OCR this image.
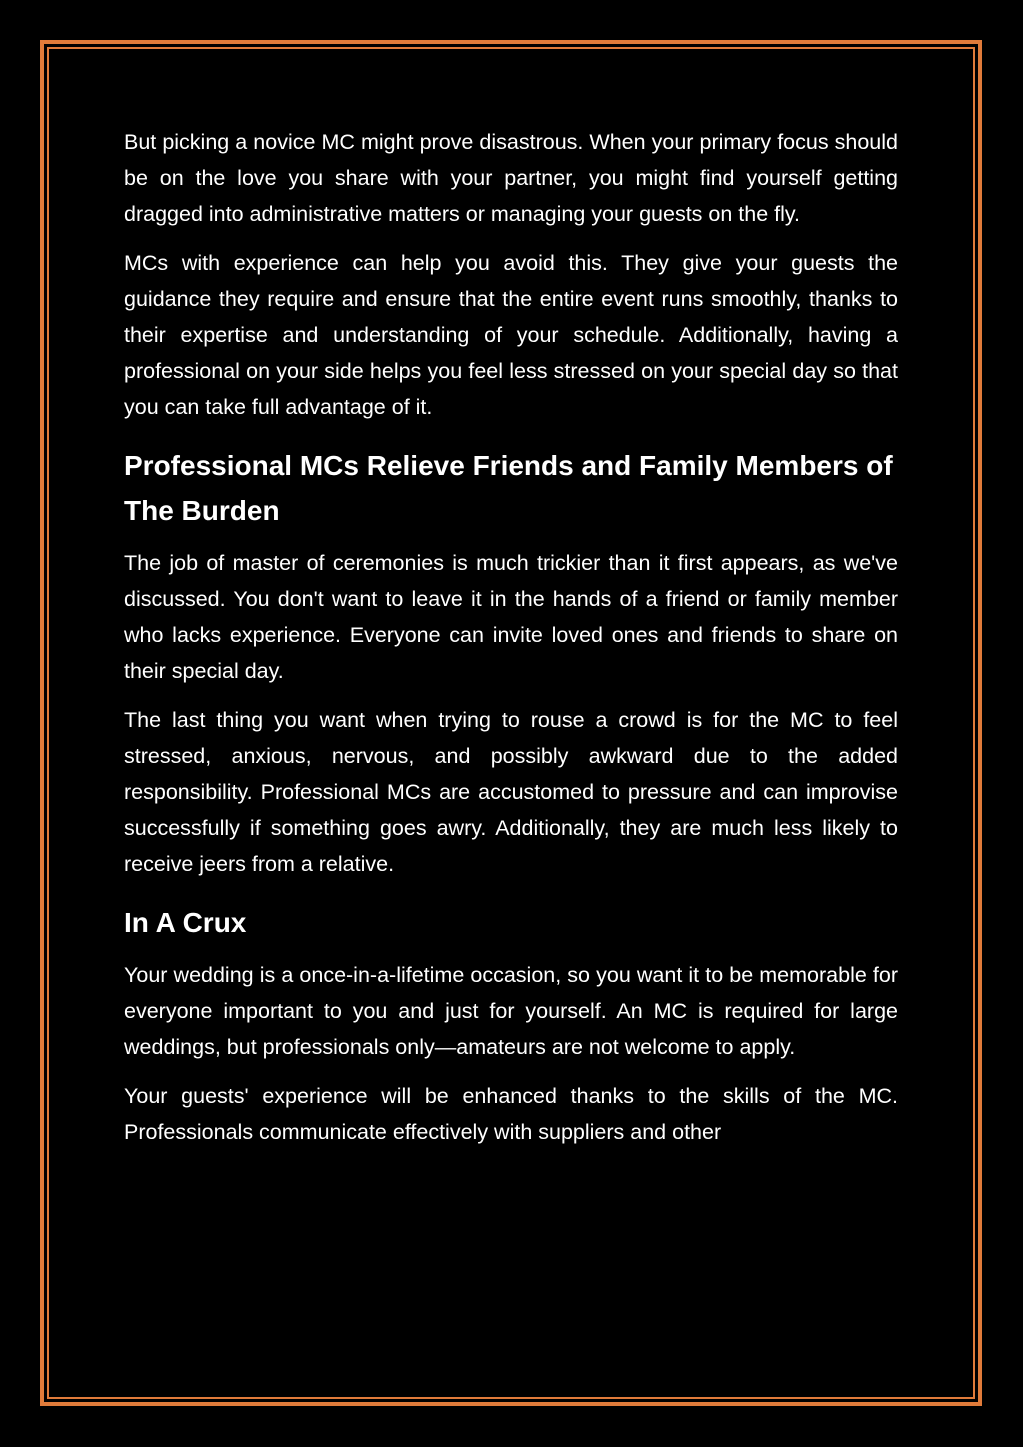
But picking a novice MC might prove disastrous. When your primary focus should be on the love you share with your partner, you might find yourself getting dragged into administrative matters or managing your guests on the fly.

MCs with experience can help you avoid this. They give your guests the guidance they require and ensure that the entire event runs smoothly, thanks to their expertise and understanding of your schedule. Additionally, having a professional on your side helps you feel less stressed on your special day so that you can take full advantage of it.

Professional MCs Relieve Friends and Family Members of The Burden

The job of master of ceremonies is much trickier than it first appears, as we've discussed. You don't want to leave it in the hands of a friend or family member who lacks experience. Everyone can invite loved ones and friends to share on their special day.

The last thing you want when trying to rouse a crowd is for the MC to feel stressed, anxious, nervous, and possibly awkward due to the added responsibility. Professional MCs are accustomed to pressure and can improvise successfully if something goes awry. Additionally, they are much less likely to receive jeers from a relative.

In A Crux

Your wedding is a once-in-a-lifetime occasion, so you want it to be memorable for everyone important to you and just for yourself. An MC is required for large weddings, but professionals only—amateurs are not welcome to apply.

Your guests' experience will be enhanced thanks to the skills of the MC. Professionals communicate effectively with suppliers and other
